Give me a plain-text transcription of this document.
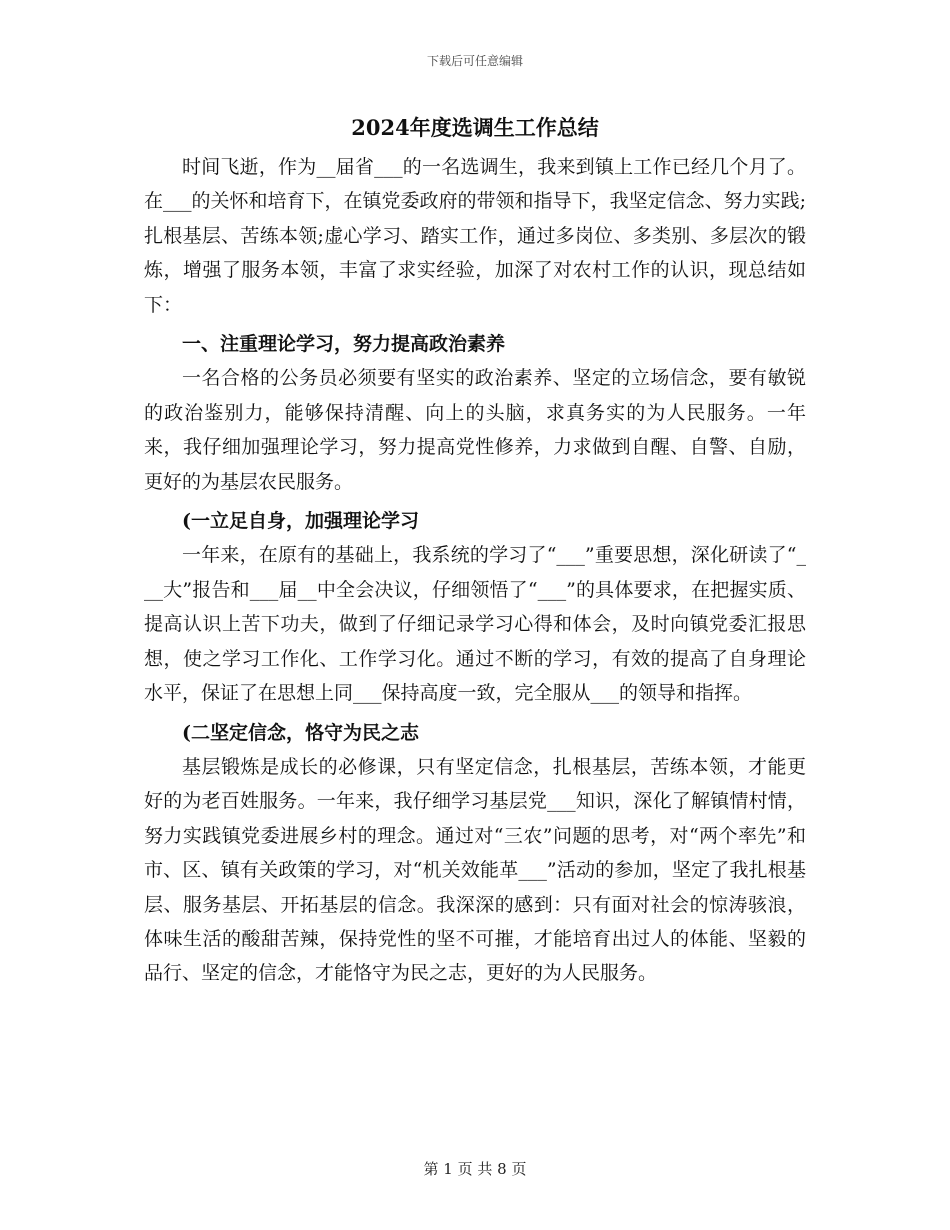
下载后可任意编辑
2024年度选调生工作总结

时间飞逝，作为__届省___的一名选调生，我来到镇上工作已经几个月了。在___的关怀和培育下，在镇党委政府的带领和指导下，我坚定信念、努力实践;扎根基层、苦练本领;虚心学习、踏实工作，通过多岗位、多类别、多层次的锻炼，增强了服务本领，丰富了求实经验，加深了对农村工作的认识，现总结如下：

一、注重理论学习，努力提高政治素养

一名合格的公务员必须要有坚实的政治素养、坚定的立场信念，要有敏锐的政治鉴别力，能够保持清醒、向上的头脑，求真务实的为人民服务。一年来，我仔细加强理论学习，努力提高党性修养，力求做到自醒、自警、自励，更好的为基层农民服务。

(一立足自身，加强理论学习

一年来，在原有的基础上，我系统的学习了“___”重要思想，深化研读了“___大”报告和___届__中全会决议，仔细领悟了“___”的具体要求，在把握实质、提高认识上苦下功夫，做到了仔细记录学习心得和体会，及时向镇党委汇报思想，使之学习工作化、工作学习化。通过不断的学习，有效的提高了自身理论水平，保证了在思想上同___保持高度一致，完全服从___的领导和指挥。

(二坚定信念，恪守为民之志

基层锻炼是成长的必修课，只有坚定信念，扎根基层，苦练本领，才能更好的为老百姓服务。一年来，我仔细学习基层党___知识，深化了解镇情村情，努力实践镇党委进展乡村的理念。通过对“三农”问题的思考，对“两个率先”和市、区、镇有关政策的学习，对“机关效能革___”活动的参加，坚定了我扎根基层、服务基层、开拓基层的信念。我深深的感到：只有面对社会的惊涛骇浪，体味生活的酸甜苦辣，保持党性的坚不可摧，才能培育出过人的体能、坚毅的品行、坚定的信念，才能恪守为民之志，更好的为人民服务。

第 1 页 共 8 页
